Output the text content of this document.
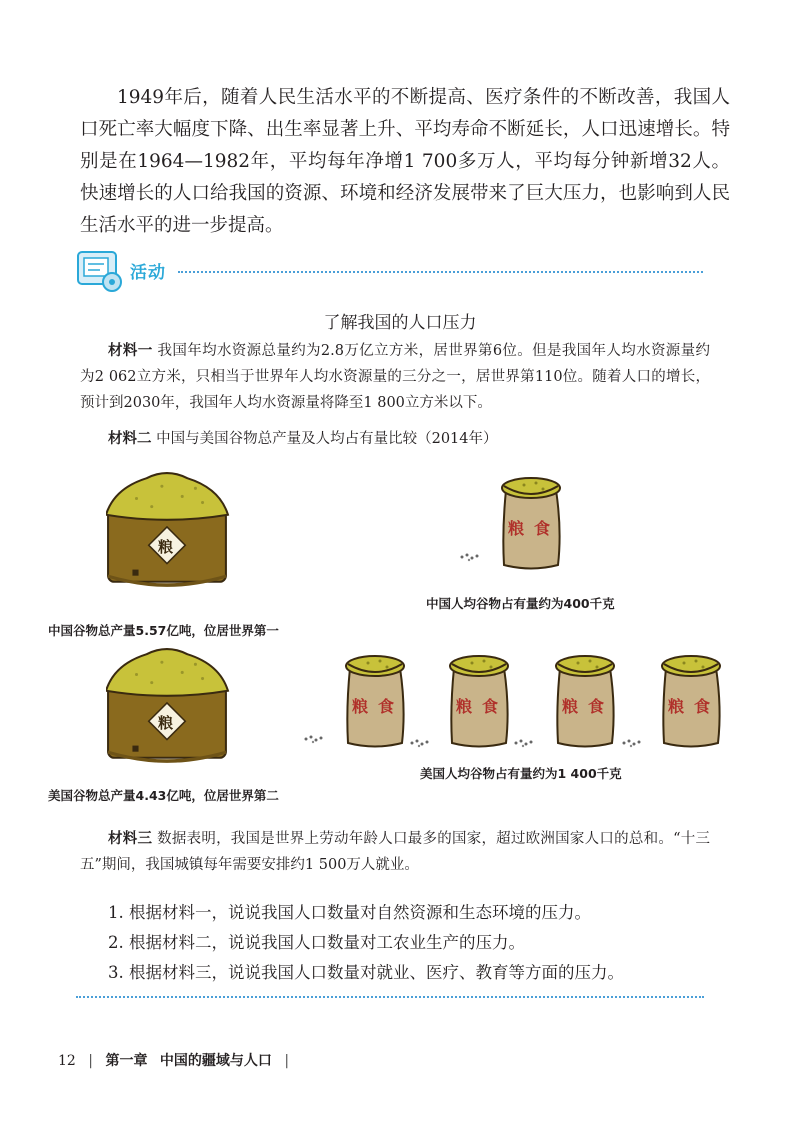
1949年后，随着人民生活水平的不断提高、医疗条件的不断改善，我国人口死亡率大幅度下降、出生率显著上升、平均寿命不断延长，人口迅速增长。特别是在1964—1982年，平均每年净增1 700多万人，平均每分钟新增32人。快速增长的人口给我国的资源、环境和经济发展带来了巨大压力，也影响到人民生活水平的进一步提高。

活动
了解我国的人口压力
材料一 我国年均水资源总量约为2.8万亿立方米，居世界第6位。但是我国年人均水资源量约为2 062立方米，只相当于世界年人均水资源量的三分之一，居世界第110位。随着人口的增长，预计到2030年，我国年人均水资源量将降至1 800立方米以下。
材料二 中国与美国谷物总产量及人均占有量比较（2014年）
粮
粮 食
中国人均谷物占有量约为400千克
中国谷物总产量5.57亿吨，位居世界第一
粮
粮 食	粮 食	粮 食	粮 食
美国人均谷物占有量约为1 400千克
美国谷物总产量4.43亿吨，位居世界第二
材料三 数据表明，我国是世界上劳动年龄人口最多的国家，超过欧洲国家人口的总和。“十三五”期间，我国城镇每年需要安排约1 500万人就业。
1. 根据材料一，说说我国人口数量对自然资源和生态环境的压力。
2. 根据材料二，说说我国人口数量对工农业生产的压力。
3. 根据材料三，说说我国人口数量对就业、医疗、教育等方面的压力。
12 | 第一章 中国的疆域与人口 |
